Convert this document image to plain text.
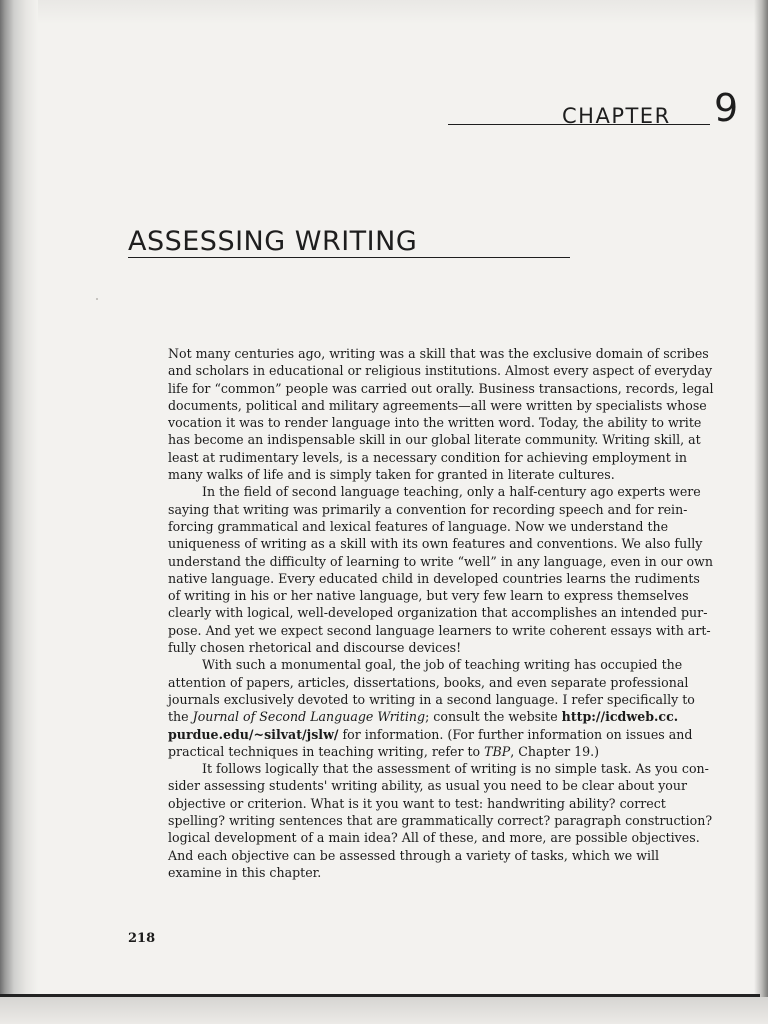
CHAPTER 9
ASSESSING WRITING
Not many centuries ago, writing was a skill that was the exclusive domain of scribes
and scholars in educational or religious institutions. Almost every aspect of everyday
life for “common” people was carried out orally. Business transactions, records, legal
documents, political and military agreements—all were written by specialists whose
vocation it was to render language into the written word. Today, the ability to write
has become an indispensable skill in our global literate community. Writing skill, at
least at rudimentary levels, is a necessary condition for achieving employment in
many walks of life and is simply taken for granted in literate cultures.
In the field of second language teaching, only a half-century ago experts were
saying that writing was primarily a convention for recording speech and for rein-
forcing grammatical and lexical features of language. Now we understand the
uniqueness of writing as a skill with its own features and conventions. We also fully
understand the difficulty of learning to write “well” in any language, even in our own
native language. Every educated child in developed countries learns the rudiments
of writing in his or her native language, but very few learn to express themselves
clearly with logical, well-developed organization that accomplishes an intended pur-
pose. And yet we expect second language learners to write coherent essays with art-
fully chosen rhetorical and discourse devices!
With such a monumental goal, the job of teaching writing has occupied the
attention of papers, articles, dissertations, books, and even separate professional
journals exclusively devoted to writing in a second language. I refer specifically to
the Journal of Second Language Writing; consult the website http://icdweb.cc.
purdue.edu/~silvat/jslw/ for information. (For further information on issues and
practical techniques in teaching writing, refer to TBP, Chapter 19.)
It follows logically that the assessment of writing is no simple task. As you con-
sider assessing students' writing ability, as usual you need to be clear about your
objective or criterion. What is it you want to test: handwriting ability? correct
spelling? writing sentences that are grammatically correct? paragraph construction?
logical development of a main idea? All of these, and more, are possible objectives.
And each objective can be assessed through a variety of tasks, which we will
examine in this chapter.
218
